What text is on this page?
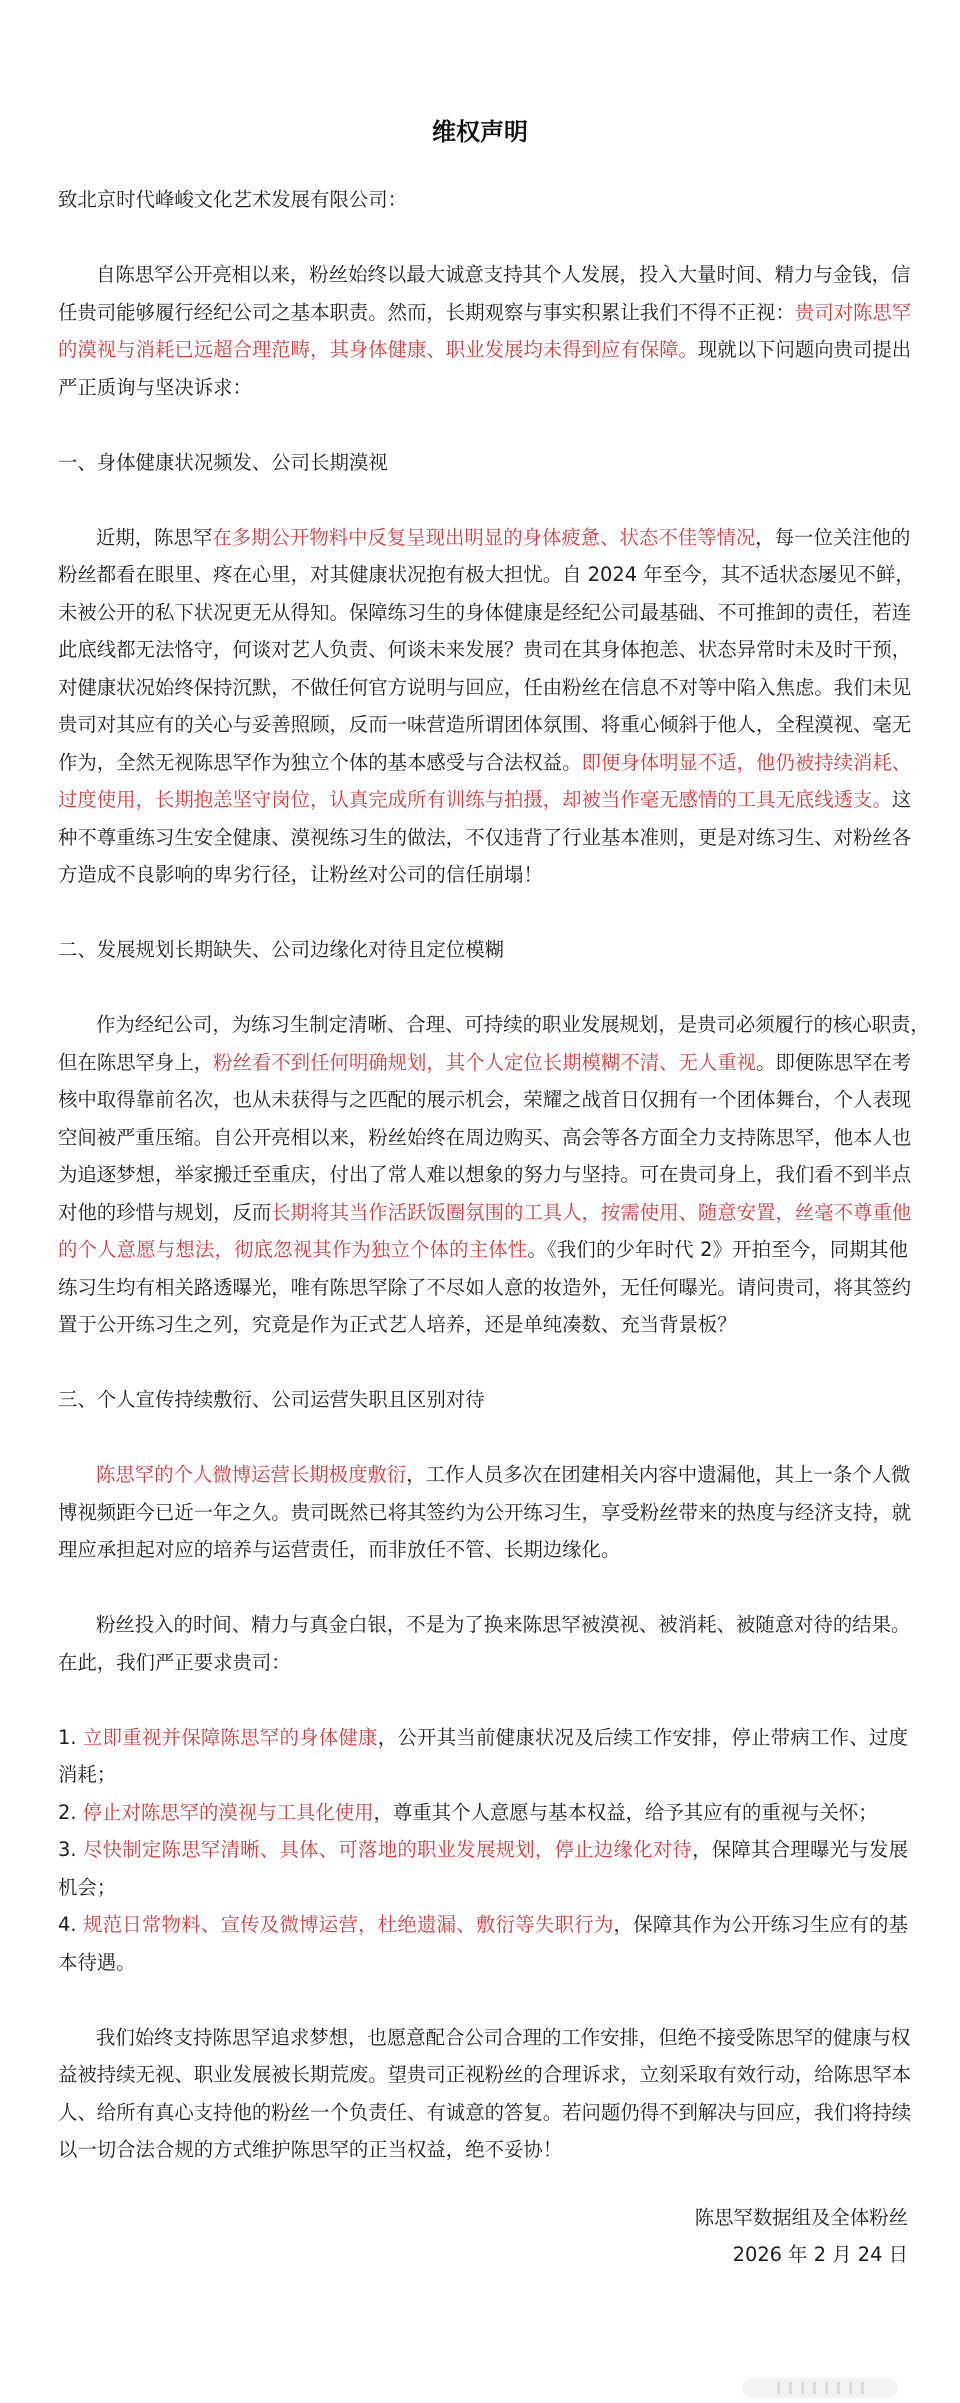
维权声明
致北京时代峰峻文化艺术发展有限公司：
自陈思罕公开亮相以来，粉丝始终以最大诚意支持其个人发展，投入大量时间、精力与金钱，信
任贵司能够履行经纪公司之基本职责。然而，长期观察与事实积累让我们不得不正视：贵司对陈思罕
的漠视与消耗已远超合理范畴，其身体健康、职业发展均未得到应有保障。现就以下问题向贵司提出
严正质询与坚决诉求：
一、身体健康状况频发、公司长期漠视
近期，陈思罕在多期公开物料中反复呈现出明显的身体疲惫、状态不佳等情况，每一位关注他的
粉丝都看在眼里、疼在心里，对其健康状况抱有极大担忧。自 2024 年至今，其不适状态屡见不鲜，
未被公开的私下状况更无从得知。保障练习生的身体健康是经纪公司最基础、不可推卸的责任，若连
此底线都无法恪守，何谈对艺人负责、何谈未来发展？贵司在其身体抱恙、状态异常时未及时干预，
对健康状况始终保持沉默，不做任何官方说明与回应，任由粉丝在信息不对等中陷入焦虑。我们未见
贵司对其应有的关心与妥善照顾，反而一味营造所谓团体氛围、将重心倾斜于他人，全程漠视、毫无
作为，全然无视陈思罕作为独立个体的基本感受与合法权益。即便身体明显不适，他仍被持续消耗、
过度使用，长期抱恙坚守岗位，认真完成所有训练与拍摄，却被当作毫无感情的工具无底线透支。这
种不尊重练习生安全健康、漠视练习生的做法，不仅违背了行业基本准则，更是对练习生、对粉丝各
方造成不良影响的卑劣行径，让粉丝对公司的信任崩塌！
二、发展规划长期缺失、公司边缘化对待且定位模糊
作为经纪公司，为练习生制定清晰、合理、可持续的职业发展规划，是贵司必须履行的核心职责，
但在陈思罕身上，粉丝看不到任何明确规划，其个人定位长期模糊不清、无人重视。即便陈思罕在考
核中取得靠前名次，也从未获得与之匹配的展示机会，荣耀之战首日仅拥有一个团体舞台，个人表现
空间被严重压缩。自公开亮相以来，粉丝始终在周边购买、高会等各方面全力支持陈思罕，他本人也
为追逐梦想，举家搬迁至重庆，付出了常人难以想象的努力与坚持。可在贵司身上，我们看不到半点
对他的珍惜与规划，反而长期将其当作活跃饭圈氛围的工具人，按需使用、随意安置，丝毫不尊重他
的个人意愿与想法，彻底忽视其作为独立个体的主体性。《我们的少年时代 2》开拍至今，同期其他
练习生均有相关路透曝光，唯有陈思罕除了不尽如人意的妆造外，无任何曝光。请问贵司，将其签约
置于公开练习生之列，究竟是作为正式艺人培养，还是单纯凑数、充当背景板？
三、个人宣传持续敷衍、公司运营失职且区别对待
陈思罕的个人微博运营长期极度敷衍，工作人员多次在团建相关内容中遗漏他，其上一条个人微
博视频距今已近一年之久。贵司既然已将其签约为公开练习生，享受粉丝带来的热度与经济支持，就
理应承担起对应的培养与运营责任，而非放任不管、长期边缘化。
粉丝投入的时间、精力与真金白银，不是为了换来陈思罕被漠视、被消耗、被随意对待的结果。
在此，我们严正要求贵司：
1. 立即重视并保障陈思罕的身体健康，公开其当前健康状况及后续工作安排，停止带病工作、过度
消耗；
2. 停止对陈思罕的漠视与工具化使用，尊重其个人意愿与基本权益，给予其应有的重视与关怀；
3. 尽快制定陈思罕清晰、具体、可落地的职业发展规划，停止边缘化对待，保障其合理曝光与发展
机会；
4. 规范日常物料、宣传及微博运营，杜绝遗漏、敷衍等失职行为，保障其作为公开练习生应有的基
本待遇。
我们始终支持陈思罕追求梦想，也愿意配合公司合理的工作安排，但绝不接受陈思罕的健康与权
益被持续无视、职业发展被长期荒废。望贵司正视粉丝的合理诉求，立刻采取有效行动，给陈思罕本
人、给所有真心支持他的粉丝一个负责任、有诚意的答复。若问题仍得不到解决与回应，我们将持续
以一切合法合规的方式维护陈思罕的正当权益，绝不妥协！
陈思罕数据组及全体粉丝
2026 年 2 月 24 日
